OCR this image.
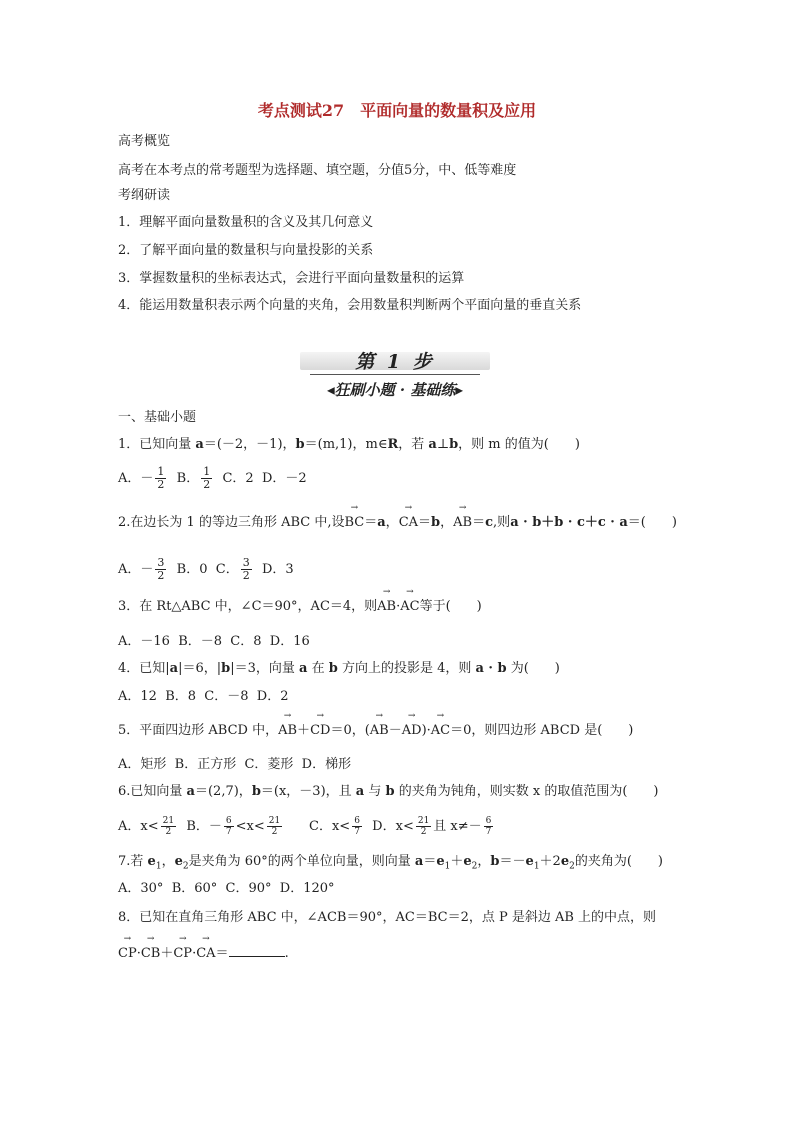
考点测试27　平面向量的数量积及应用
高考概览
高考在本考点的常考题型为选择题、填空题，分值5分，中、低等难度
考纲研读
1．理解平面向量数量积的含义及其几何意义
2．了解平面向量的数量积与向量投影的关系
3．掌握数量积的坐标表达式，会进行平面向量数量积的运算
4．能运用数量积表示两个向量的夹角，会用数量积判断两个平面向量的垂直关系
第 1 步
◀狂刷小题 · 基础练▶
一、基础小题
1．已知向量 a＝(－2，－1)，b＝(m,1)，m∈R，若 a⊥b，则 m 的值为(　　)
A．－ $\frac{1}{2}$ B． $\frac{1}{2}$ C．2  D．－2
2.在边长为 1 的等边三角形 ABC 中,设→ BC＝a，→ CA＝b，→ AB＝c,则a · b＋b · c＋c · a＝(　　)
A．－ $\frac{3}{2}$ B．0  C． $\frac{3}{2}$ D．3
3．在 Rt△ABC 中，∠C＝90°，AC＝4，则→ AB·→ AC等于(　　)
A．－16  B．－8  C．8  D．16
4．已知|a|＝6，|b|＝3，向量 a 在 b 方向上的投影是 4，则 a · b 为(　　)
A．12  B．8  C．－8  D．2
5．平面四边形 ABCD 中，→ AB＋→ CD＝0，(→ AB－→ AD)·→ AC＝0，则四边形 ABCD 是(　　)
A．矩形  B．正方形  C．菱形  D．梯形
6.已知向量 a＝(2,7)，b＝(x，－3)，且 a 与 b 的夹角为钝角，则实数 x 的取值范围为(　　)
A．$x< \frac{21}{2}$ B．－ $\frac{6}{7} <x< \frac{21}{2}$ C．$x< \frac{6}{7}$ D．$x< \frac{21}{2}$ 且 $x\ne- \frac{6}{7}$
7.若 $e_1$，$e_2$是夹角为 60°的两个单位向量，则向量 $a=e_1+e_2$，$b=-e_1+2e_2$的夹角为(　　)
A．30°  B．60°  C．90°  D．120°
8．已知在直角三角形 ABC 中，∠ACB＝90°，AC＝BC＝2，点 P 是斜边 AB 上的中点，则
→ CP·→ CB＋→ CP·→ CA＝	.
